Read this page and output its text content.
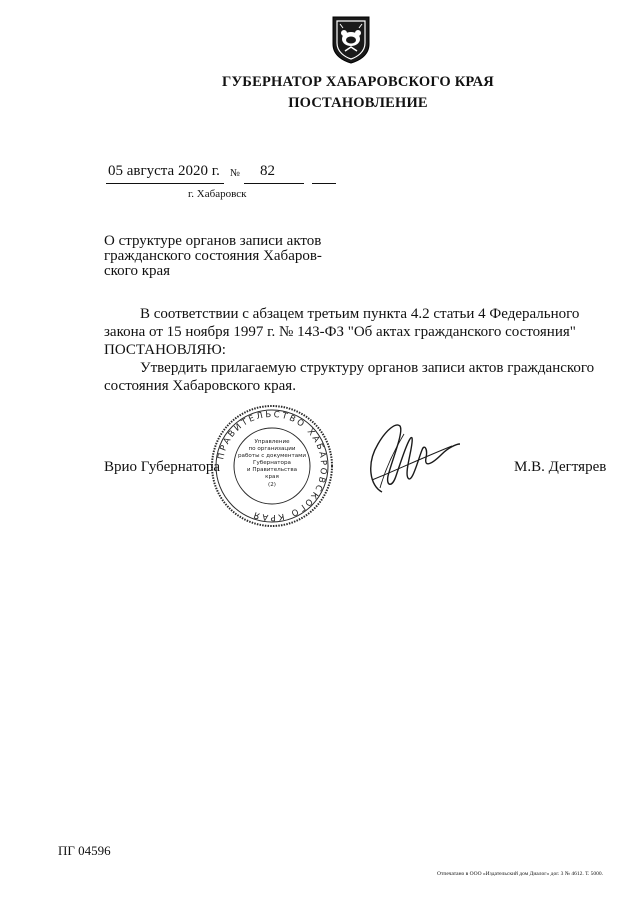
ГУБЕРНАТОР ХАБАРОВСКОГО КРАЯ
ПОСТАНОВЛЕНИЕ
05 августа 2020 г. № 82
г. Хабаровск
О структуре органов записи актов
гражданского состояния Хабаров-
ского края

В соответствии с абзацем третьим пункта 4.2 статьи 4 Федерального

закона от 15 ноября 1997 г. № 143-ФЗ "Об актах гражданского состояния"

ПОСТАНОВЛЯЮ:

Утвердить прилагаемую структуру органов записи актов гражданского

состояния Хабаровского края.

Врио Губернатора
ПРАВИТЕЛЬСТВО ХАБАРОВСКОГО КРАЯ
Управление
по организации
работы с документами
Губернатора
и Правительства
края
(2)
М.В. Дегтярев
ПГ 04596
Отпечатано в ООО «Издательский дом Диалог» дог. 3 № 4612. Т. 5000.
